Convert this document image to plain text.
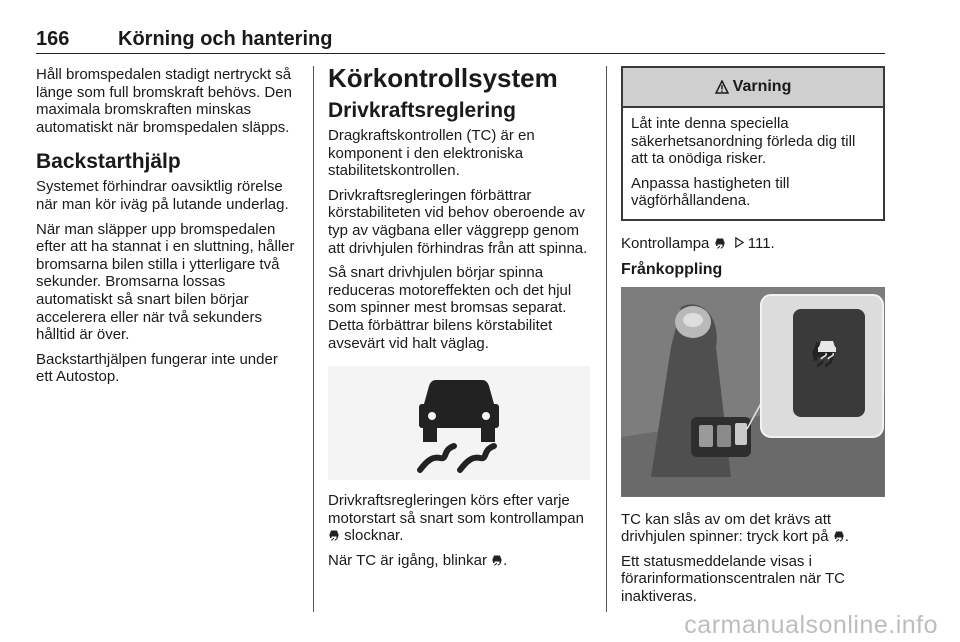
166 Körning och hantering

Håll bromspedalen stadigt nertryckt så länge som full bromskraft behövs. Den maximala bromskraften minskas automatiskt när bromspedalen släpps.

Backstarthjälp

Systemet förhindrar oavsiktlig rörelse när man kör iväg på lutande underlag.

När man släpper upp bromspedalen efter att ha stannat i en sluttning, håller bromsarna bilen stilla i ytterligare två sekunder. Bromsarna lossas automatiskt så snart bilen börjar accelerera eller när två sekunders hålltid är över.

Backstarthjälpen fungerar inte under ett Autostop.

Körkontrollsystem
Drivkraftsreglering

Dragkraftskontrollen (TC) är en komponent i den elektroniska stabilitetskontrollen.

Drivkraftsregleringen förbättrar körstabiliteten vid behov oberoende av typ av vägbana eller väggrepp genom att drivhjulen förhindras från att spinna.

Så snart drivhjulen börjar spinna reduceras motoreffekten och det hjul som spinner mest bromsas separat. Detta förbättrar bilens körstabilitet avsevärt vid halt väglag.

Drivkraftsregleringen körs efter varje motorstart så snart som kontrollampan  slocknar.

När TC är igång, blinkar .

Varning

Låt inte denna speciella säkerhetsanordning förleda dig till att ta onödiga risker.

Anpassa hastigheten till vägförhållandena.

Kontrollampa	111.

Frånkoppling

TC kan slås av om det krävs att drivhjulen spinner: tryck kort på .

Ett statusmeddelande visas i förarinformationscentralen när TC inaktiveras.

carmanualsonline.info
